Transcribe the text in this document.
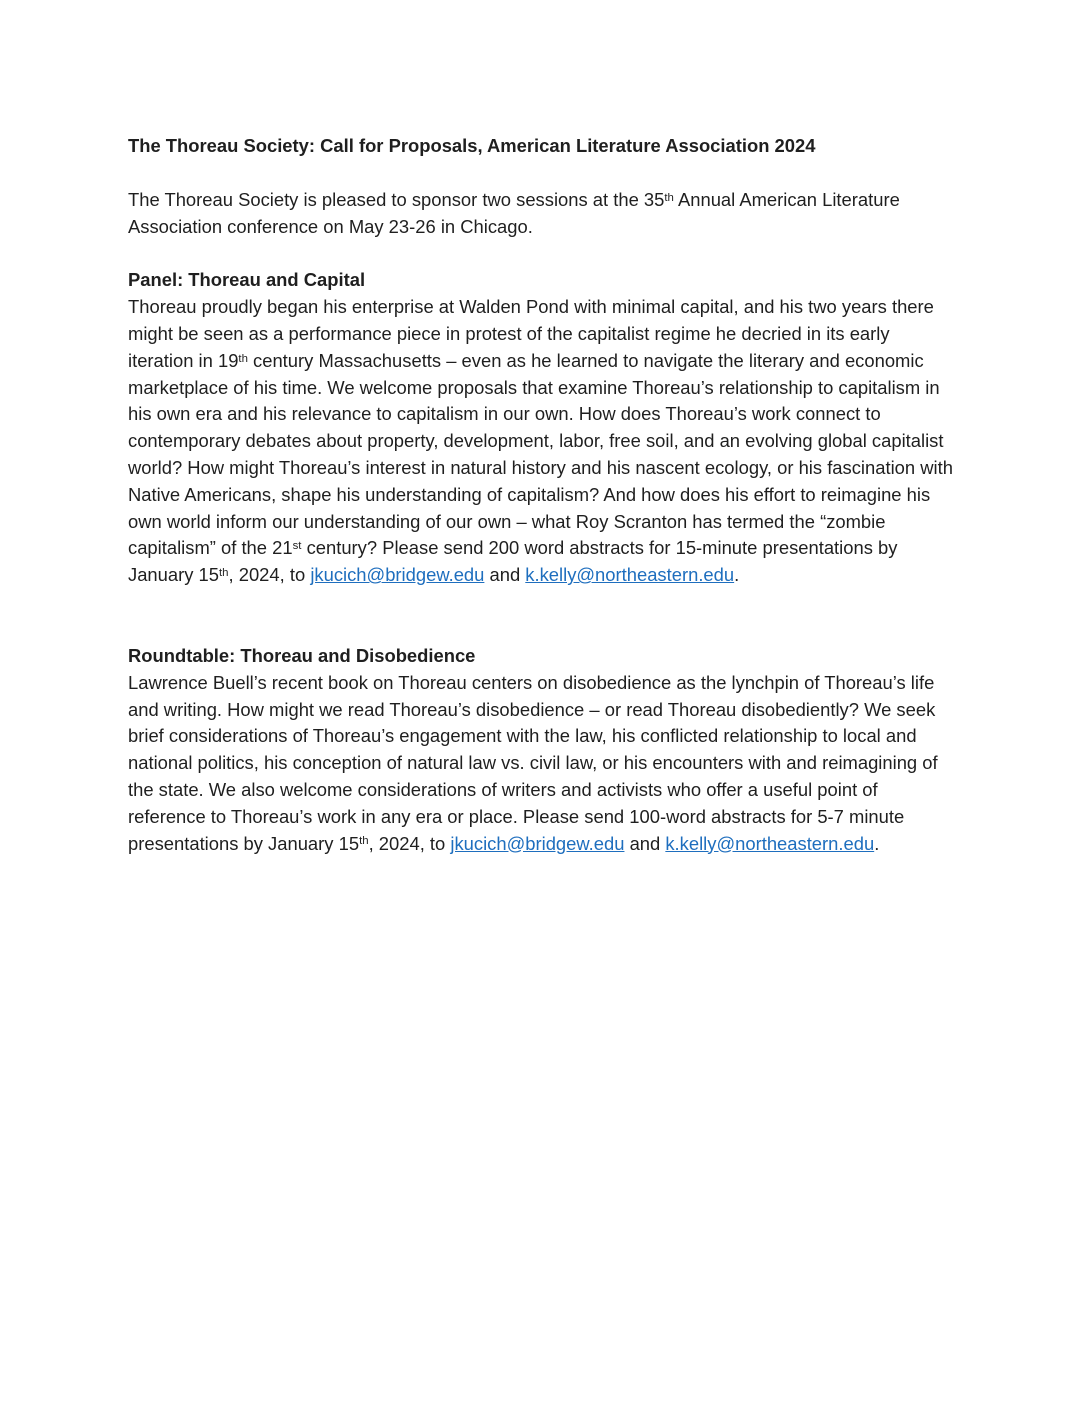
The Thoreau Society: Call for Proposals, American Literature Association 2024

The Thoreau Society is pleased to sponsor two sessions at the 35th Annual American Literature Association conference on May 23-26 in Chicago.

Panel: Thoreau and Capital

Thoreau proudly began his enterprise at Walden Pond with minimal capital, and his two years there might be seen as a performance piece in protest of the capitalist regime he decried in its early iteration in 19th century Massachusetts – even as he learned to navigate the literary and economic marketplace of his time. We welcome proposals that examine Thoreau’s relationship to capitalism in his own era and his relevance to capitalism in our own. How does Thoreau’s work connect to contemporary debates about property, development, labor, free soil, and an evolving global capitalist world? How might Thoreau’s interest in natural history and his nascent ecology, or his fascination with Native Americans, shape his understanding of capitalism? And how does his effort to reimagine his own world inform our understanding of our own – what Roy Scranton has termed the “zombie capitalism” of the 21st century? Please send 200 word abstracts for 15-minute presentations by January 15th, 2024, to jkucich@bridgew.edu and k.kelly@northeastern.edu.

Roundtable: Thoreau and Disobedience

Lawrence Buell’s recent book on Thoreau centers on disobedience as the lynchpin of Thoreau’s life and writing. How might we read Thoreau’s disobedience – or read Thoreau disobediently? We seek brief considerations of Thoreau’s engagement with the law, his conflicted relationship to local and national politics, his conception of natural law vs. civil law, or his encounters with and reimagining of the state. We also welcome considerations of writers and activists who offer a useful point of reference to Thoreau’s work in any era or place. Please send 100-word abstracts for 5-7 minute presentations by January 15th, 2024, to jkucich@bridgew.edu and k.kelly@northeastern.edu.
